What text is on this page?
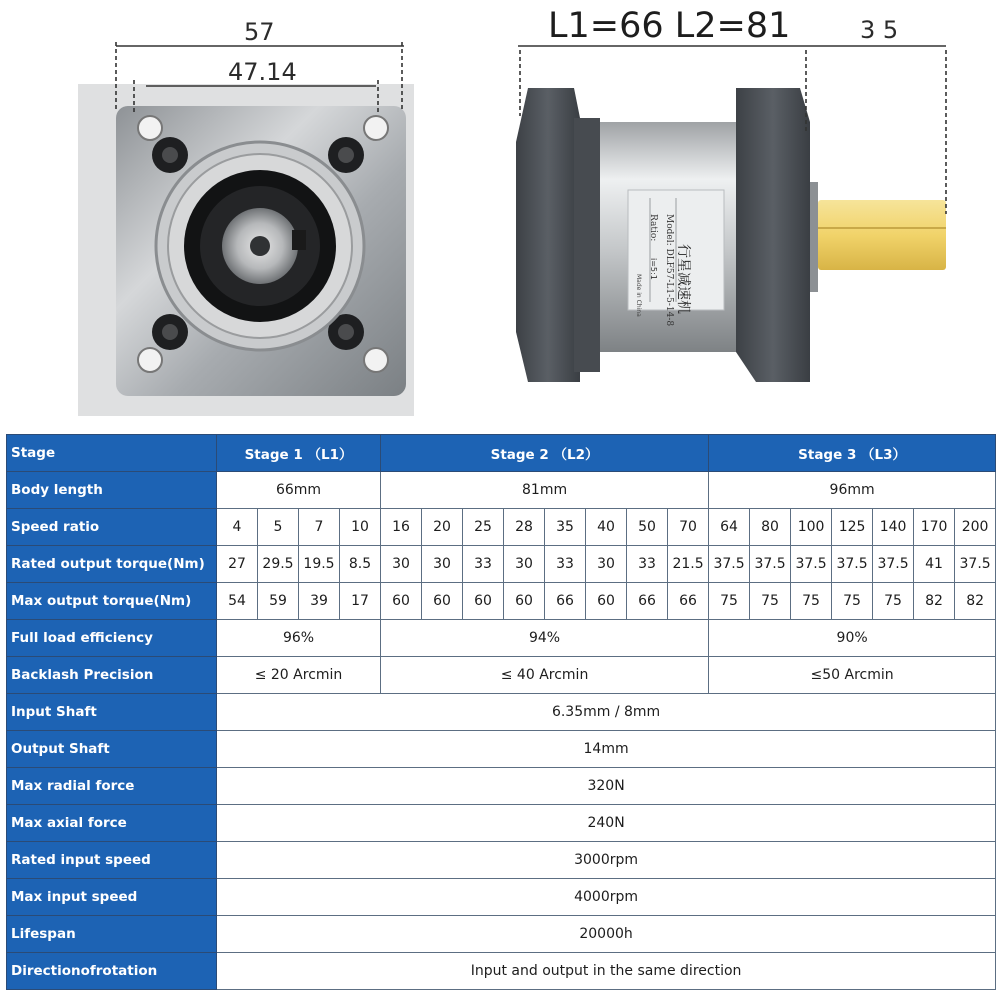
行星减速机
Model: DLF57-L1-5-14-8
Ratio:
i=5:1
Made in China
57
47.14
L1=66 L2=81	3 5
Stage	Stage 1 （L1）				Stage 2 （L2）								Stage 3 （L3）						
Body length	66mm				81mm								96mm						
Speed ratio	4	5	7	10	16	20	25	28	35	40	50	70	64	80	100	125	140	170	200
Rated output torque(Nm)	27	29.5	19.5	8.5	30	30	33	30	33	30	33	21.5	37.5	37.5	37.5	37.5	37.5	41	37.5
Max output torque(Nm)	54	59	39	17	60	60	60	60	66	60	66	66	75	75	75	75	75	82	82
Full load efficiency	96%				94%								90%						
Backlash Precision	≤ 20 Arcmin				≤ 40 Arcmin								≤50 Arcmin						
Input Shaft	6.35mm / 8mm																		
Output Shaft	14mm																		
Max radial force	320N																		
Max axial force	240N																		
Rated input speed	3000rpm																		
Max input speed	4000rpm																		
Lifespan	20000h																		
Directionofrotation	Input and output in the same direction																		
